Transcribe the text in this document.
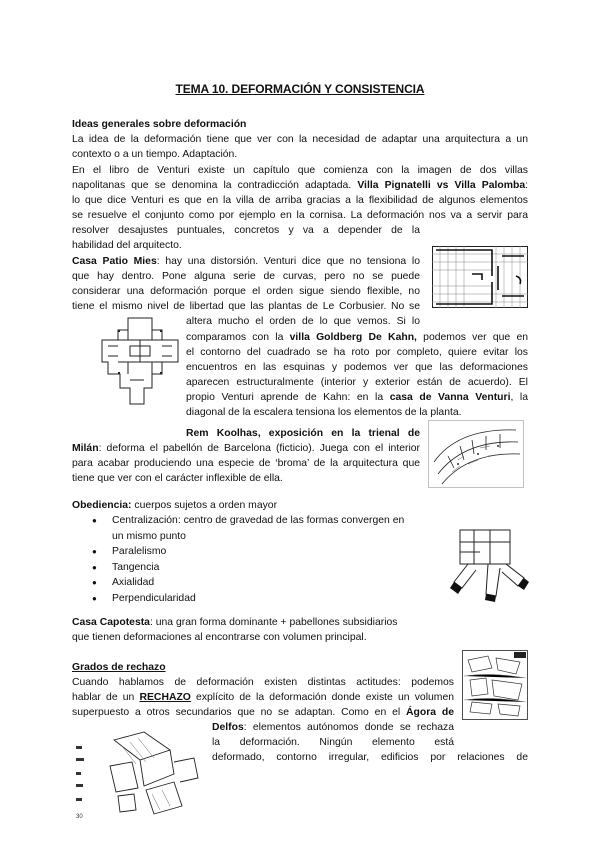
TEMA 10. DEFORMACIÓN Y CONSISTENCIA
Ideas generales sobre deformación
La idea de la deformación tiene que ver con la necesidad de adaptar una arquitectura a un
contexto o a un tiempo. Adaptación.
En el libro de Venturi existe un capítulo que comienza con la imagen de dos villas
napolitanas que se denomina la contradicción adaptada. Villa Pignatelli vs Villa Palomba:
lo que dice Venturi es que en la villa de arriba gracias a la flexibilidad de algunos elementos
se resuelve el conjunto como por ejemplo en la cornisa. La deformación nos va a servir para
resolver desajustes puntuales, concretos y va a depender de la
habilidad del arquitecto.
Casa Patio Mies: hay una distorsión. Venturi dice que no tensiona lo
que hay dentro. Pone alguna serie de curvas, pero no se puede
considerar una deformación porque el orden sigue siendo flexible, no
tiene el mismo nivel de libertad que las plantas de Le Corbusier. No se
altera mucho el orden de lo que vemos. Si lo
comparamos con la villa Goldberg De Kahn, podemos ver que en
el contorno del cuadrado se ha roto por completo, quiere evitar los
encuentros en las esquinas y podemos ver que las deformaciones
aparecen estructuralmente (interior y exterior están de acuerdo). El
propio Venturi aprende de Kahn: en la casa de Vanna Venturi, la
diagonal de la escalera tensiona los elementos de la planta.
Rem Koolhas, exposición en la trienal de
Milán: deforma el pabellón de Barcelona (ficticio). Juega con el interior
para acabar produciendo una especie de ‘broma’ de la arquitectura que
tiene que ver con el carácter inflexible de ella.
Obediencia: cuerpos sujetos a orden mayor
● Centralización: centro de gravedad de las formas convergen en
un mismo punto
● Paralelismo
● Tangencia
● Axialidad
● Perpendicularidad
Casa Capotesta: una gran forma dominante + pabellones subsidiarios
que tienen deformaciones al encontrarse con volumen principal.
Grados de rechazo
Cuando hablamos de deformación existen distintas actitudes: podemos
hablar de un RECHAZO explícito de la deformación donde existe un volumen
superpuesto a otros secundarios que no se adaptan. Como en el Ágora de
Delfos: elementos autónomos donde se rechaza
la deformación. Ningún elemento está
deformado, contorno irregular, edificios por relaciones de
30
